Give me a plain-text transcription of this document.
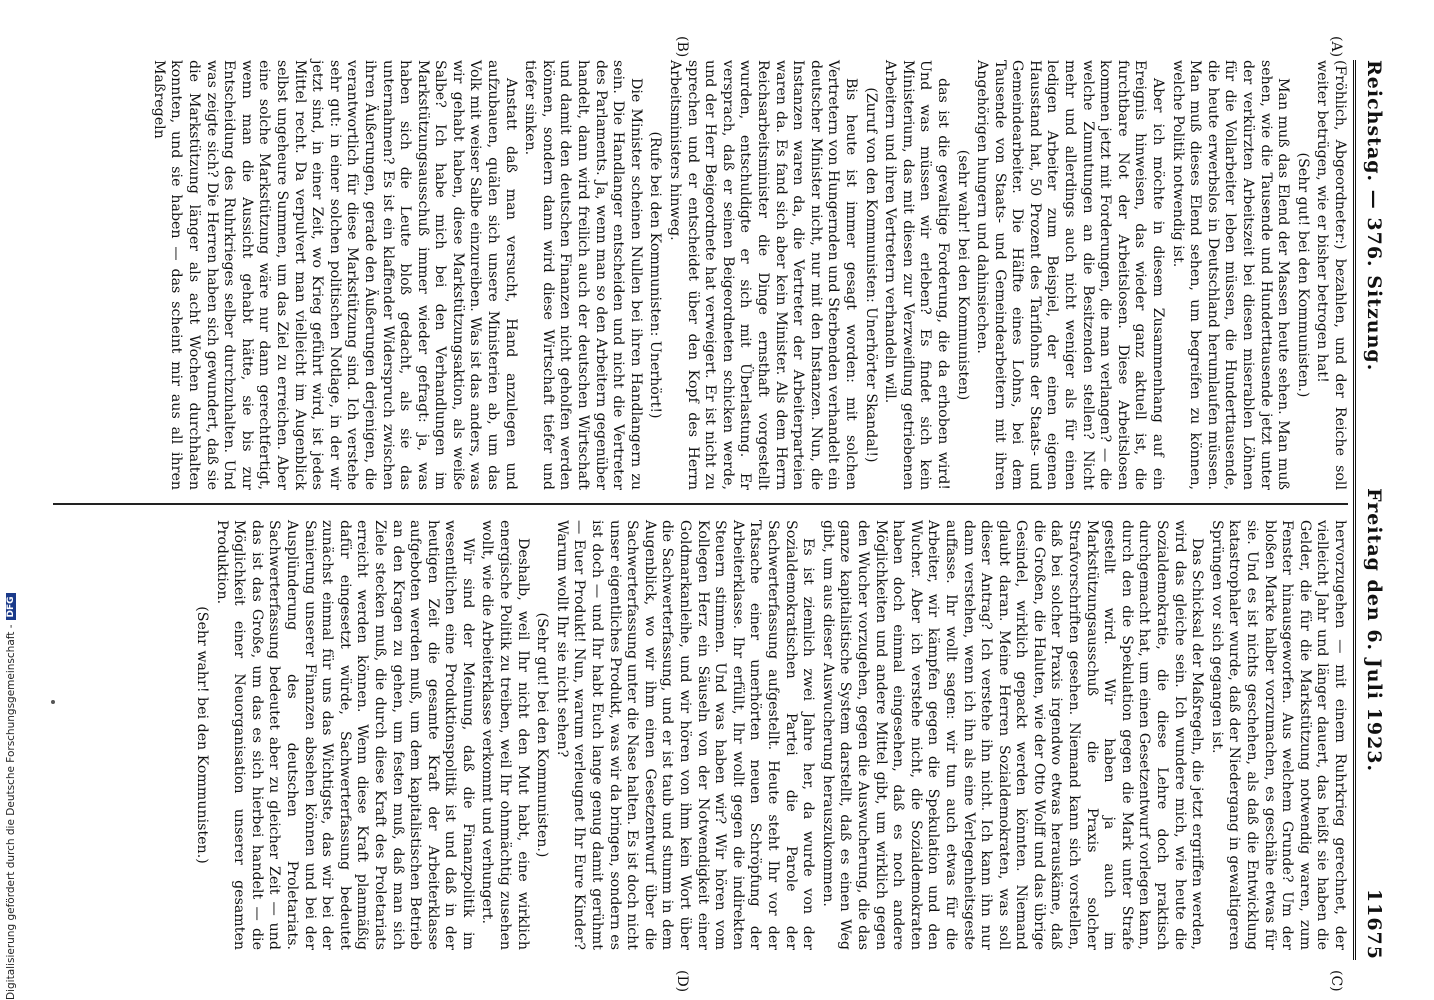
Reichstag. — 376. Sitzung.
Freitag den 6. Juli 1923.
11675
(A)
(B)
(C)
(D)

(Fröhlich, Abgeordneter:) bezahlen, und der Reiche soll weiter betrügen, wie er bisher betrogen hat!

(Sehr gut! bei den Kommunisten.)

Man muß das Elend der Massen heute sehen. Man muß sehen, wie die Tausende und Hunderttausende jetzt unter der verkürzten Arbeitszeit bei diesen miserablen Löhnen für die Vollarbeiter leben müssen, die Hunderttausende, die heute erwerbslos in Deutschland herumlaufen müssen. Man muß dieses Elend sehen, um begreifen zu können, welche Politik notwendig ist.

Aber ich möchte in diesem Zusammenhang auf ein Ereignis hinweisen, das wieder ganz aktuell ist, die furchtbare Not der Arbeitslosen. Diese Arbeitslosen kommen jetzt mit Forderungen, die man verlangen? — die welche Zumutungen an die Besitzenden stellen? Nicht mehr und allerdings auch nicht weniger als für einen ledigen Arbeiter zum Beispiel, der einen eigenen Hausstand hat, 50 Prozent des Tariflohns der Staats- und Gemeindearbeiter. Die Hälfte eines Lohns, bei dem Tausende von Staats- und Gemeindearbeitern mit ihren Angehörigen hungern und dahinsiechen.

(sehr wahr! bei den Kommunisten)

das ist die gewaltige Forderung, die da erhoben wird! Und was müssen wir erleben? Es findet sich kein Ministerium, das mit diesen zur Verzweiflung getriebenen Arbeitern und ihren Vertretern verhandeln will.

(Zuruf von den Kommunisten: Unerhörter Skandal!)

Bis heute ist immer gesagt worden: mit solchen Vertretern von Hungernden und Sterbenden verhandelt ein deutscher Minister nicht, nur mit den Instanzen. Nun, die Instanzen waren da, die Vertreter der Arbeiterparteien waren da. Es fand sich aber kein Minister. Als dem Herrn Reichsarbeitsminister die Dinge ernsthaft vorgestellt wurden, entschuldigte er sich mit Überlastung. Er versprach, daß er seinen Beigeordneten schicken werde, und der Herr Beigeordnete hat verweigert. Er ist nicht zu sprechen und er entscheidet über den Kopf des Herrn Arbeitsministers hinweg.

(Rufe bei den Kommunisten: Unerhört!)

Die Minister scheinen Nullen bei ihren Handlangern zu sein. Die Handlanger entscheiden und nicht die Vertreter des Parlaments. Ja, wenn man so den Arbeitern gegenüber handelt, dann wird freilich auch der deutschen Wirtschaft und damit den deutschen Finanzen nicht geholfen werden können, sondern dann wird diese Wirtschaft tiefer und tiefer sinken.

Anstatt daß man versucht, Hand anzulegen und aufzubauen, quälen sich unsere Ministerien ab, um das Volk mit weiser Salbe einzureiben. Was ist das anders, was wir gehabt haben, diese Markstützungsaktion, als weiße Salbe? Ich habe mich bei den Verhandlungen im Markstützungsausschuß immer wieder gefragt: ja, was haben sich die Leute bloß gedacht, als sie das unternahmen? Es ist ein klaffender Widerspruch zwischen ihren Äußerungen, gerade den Äußerungen derjenigen, die verantwortlich für diese Markstützung sind. Ich verstehe sehr gut: in einer solchen politischen Notlage, in der wir jetzt sind, in einer Zeit, wo Krieg geführt wird, ist jedes Mittel recht. Da verpulvert man vielleicht im Augenblick selbst ungeheure Summen, um das Ziel zu erreichen. Aber eine solche Markstützung wäre nur dann gerechtfertigt, wenn man die Aussicht gehabt hätte, sie bis zur Entscheidung des Ruhrkrieges selber durchzuhalten. Und was zeigte sich? Die Herren haben sich gewundert, daß sie die Markstützung länger als acht Wochen durchhalten konnten, und sie haben — das scheint mir aus all ihren Maßregeln

hervorzugehen — mit einem Ruhrkrieg gerechnet, der vielleicht Jahr und länger dauert, das heißt sie haben die Gelder, die für die Markstützung notwendig waren, zum Fenster hinausgeworfen. Aus welchem Grunde? Um der bloßen Marke halber vorzumachen, es geschähe etwas für sie. Und es ist nichts geschehen, als daß die Entwicklung katastrophaler wurde, daß der Niedergang in gewaltigeren Sprüngen vor sich gegangen ist.

Das Schicksal der Maßregeln, die jetzt ergriffen werden, wird das gleiche sein. Ich wundere mich, wie heute die Sozialdemokratie, die diese Lehre doch praktisch durchgemacht hat, um einen Gesetzentwurf vorlegen kann, durch den die Spekulation gegen die Mark unter Strafe gestellt wird. Wir haben ja auch im Markstützungsausschuß die Praxis solcher Strafvorschriften gesehen. Niemand kann sich vorstellen, daß bei solcher Praxis irgendwo etwas herauskäme, daß die Großen, die Haluten, wie der Otto Wolff und das übrige Gesindel, wirklich gepackt werden könnten. Niemand glaubt daran. Meine Herren Sozialdemokraten, was soll dieser Antrag? Ich verstehe ihn nicht. Ich kann ihn nur dann verstehen, wenn ich ihn als eine Verlegenheitsgeste auffasse. Ihr wollt sagen: wir tun auch etwas für die Arbeiter, wir kämpfen gegen die Spekulation und den Wucher. Aber ich verstehe nicht, die Sozialdemokraten haben doch einmal eingesehen, daß es noch andere Möglichkeiten und andere Mittel gibt, um wirklich gegen den Wucher vorzugehen, gegen die Auswucherung, die das ganze kapitalistische System darstellt, daß es einen Weg gibt, um aus dieser Auswucherung herauszukommen.

Es ist ziemlich zwei Jahre her, da wurde von der Sozialdemokratischen Partei die Parole der Sachwerterfassung aufgestellt. Heute steht Ihr vor der Tatsache einer unerhörten neuen Schröpfung der Arbeiterklasse. Ihr erfüllt, Ihr wollt gegen die indirekten Steuern stimmen. Und was haben wir? Wir hören vom Kollegen Herz ein Säuseln von der Notwendigkeit einer Goldmarkanleihe, und wir hören von ihm kein Wort über die Sachwerterfassung, und er ist taub und stumm in dem Augenblick, wo wir ihm einen Gesetzentwurf über die Sachwerterfassung unter die Nase halten. Es ist doch nicht unser eigentliches Produkt, was wir da bringen, sondern es ist doch — und Ihr habt Euch lange genug damit gerühmt — Euer Produkt! Nun, warum verleugnet Ihr Eure Kinder? Warum wollt Ihr sie nicht sehen?

(Sehr gut! bei den Kommunisten.)

Deshalb, weil Ihr nicht den Mut habt, eine wirklich energische Politik zu treiben, weil Ihr ohnmächtig zusehen wollt, wie die Arbeiterklasse verkommt und verhungert.

Wir sind der Meinung, daß die Finanzpolitik im wesentlichen eine Produktionspolitik ist und daß in der heutigen Zeit die gesamte Kraft der Arbeiterklasse aufgeboten werden muß, um dem kapitalistischen Betrieb an den Kragen zu gehen, um festen muß, daß man sich Ziele stecken muß, die durch diese Kraft des Proletariats erreicht werden können. Wenn diese Kraft planmäßig dafür eingesetzt würde, Sachwerterfassung bedeutet zunächst einmal für uns das Wichtigste, das wir bei der Sanierung unserer Finanzen absehen können und bei der Ausplünderung des deutschen Proletariats. Sachwerterfassung bedeutet aber zu gleicher Zeit — und das ist das Große, um das es sich hierbei handelt — die Möglichkeit einer Neuorganisation unserer gesamten Produktion.

(Sehr wahr! bei den Kommunisten.)

Digitalisierung gefördert durch die Deutsche Forschungsgemeinschaft -
DFG
